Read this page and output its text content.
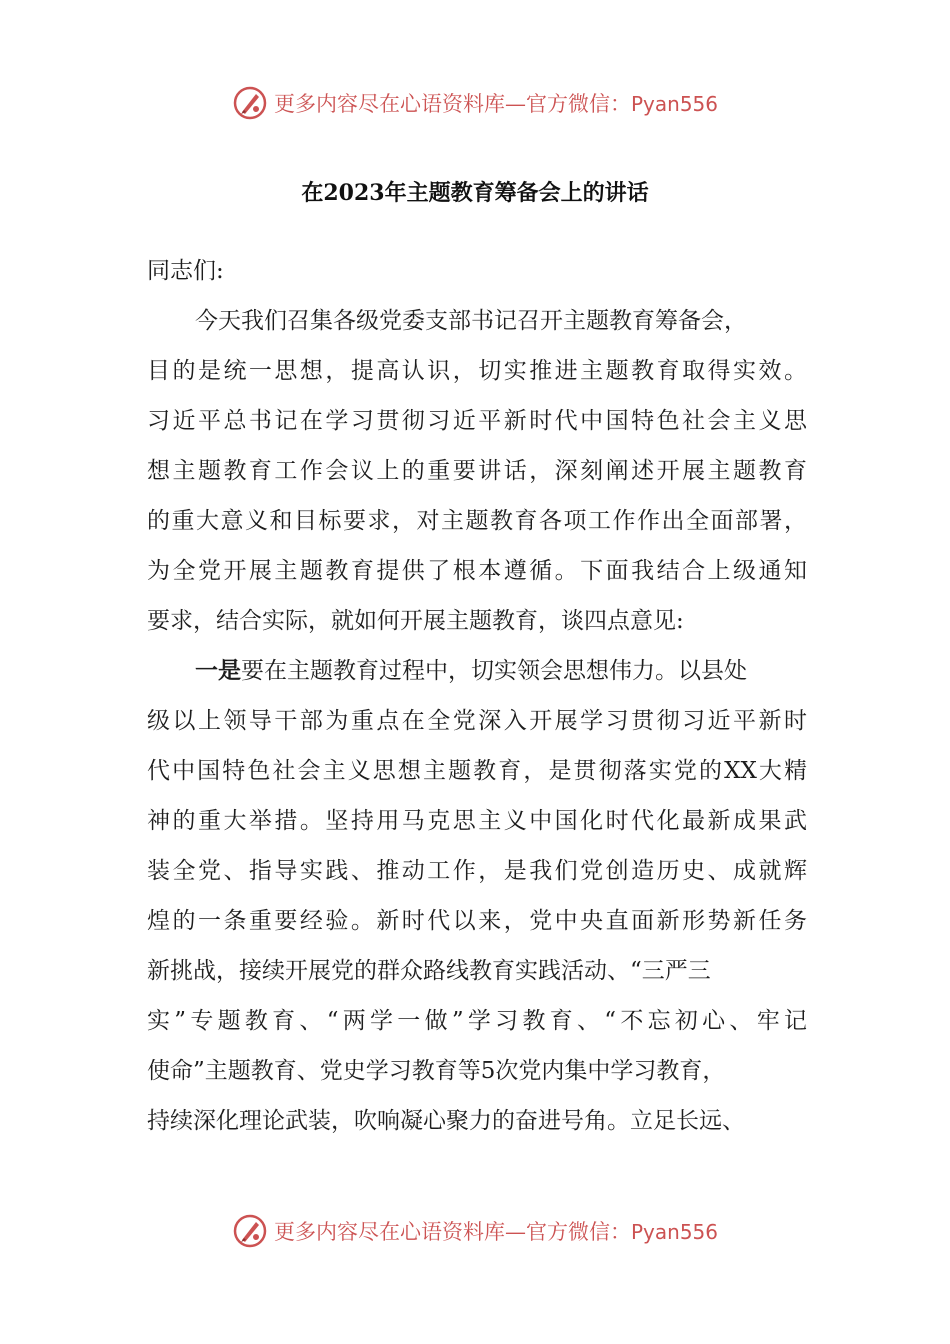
更多内容尽在心语资料库—官方微信：Pyan556
在2023年主题教育筹备会上的讲话
同志们:
今天我们召集各级党委支部书记召开主题教育筹备会，
目的是统一思想，提高认识，切实推进主题教育取得实效。
习近平总书记在学习贯彻习近平新时代中国特色社会主义思
想主题教育工作会议上的重要讲话，深刻阐述开展主题教育
的重大意义和目标要求，对主题教育各项工作作出全面部署，
为全党开展主题教育提供了根本遵循。下面我结合上级通知
要求，结合实际，就如何开展主题教育，谈四点意见:
一是要在主题教育过程中，切实领会思想伟力。以县处
级以上领导干部为重点在全党深入开展学习贯彻习近平新时
代中国特色社会主义思想主题教育，是贯彻落实党的XX大精
神的重大举措。坚持用马克思主义中国化时代化最新成果武
装全党、指导实践、推动工作，是我们党创造历史、成就辉
煌的一条重要经验。新时代以来，党中央直面新形势新任务
新挑战，接续开展党的群众路线教育实践活动、“三严三
实”专题教育、“两学一做”学习教育、“不忘初心、牢记
使命”主题教育、党史学习教育等5次党内集中学习教育，
持续深化理论武装，吹响凝心聚力的奋进号角。立足长远、
更多内容尽在心语资料库—官方微信：Pyan556
